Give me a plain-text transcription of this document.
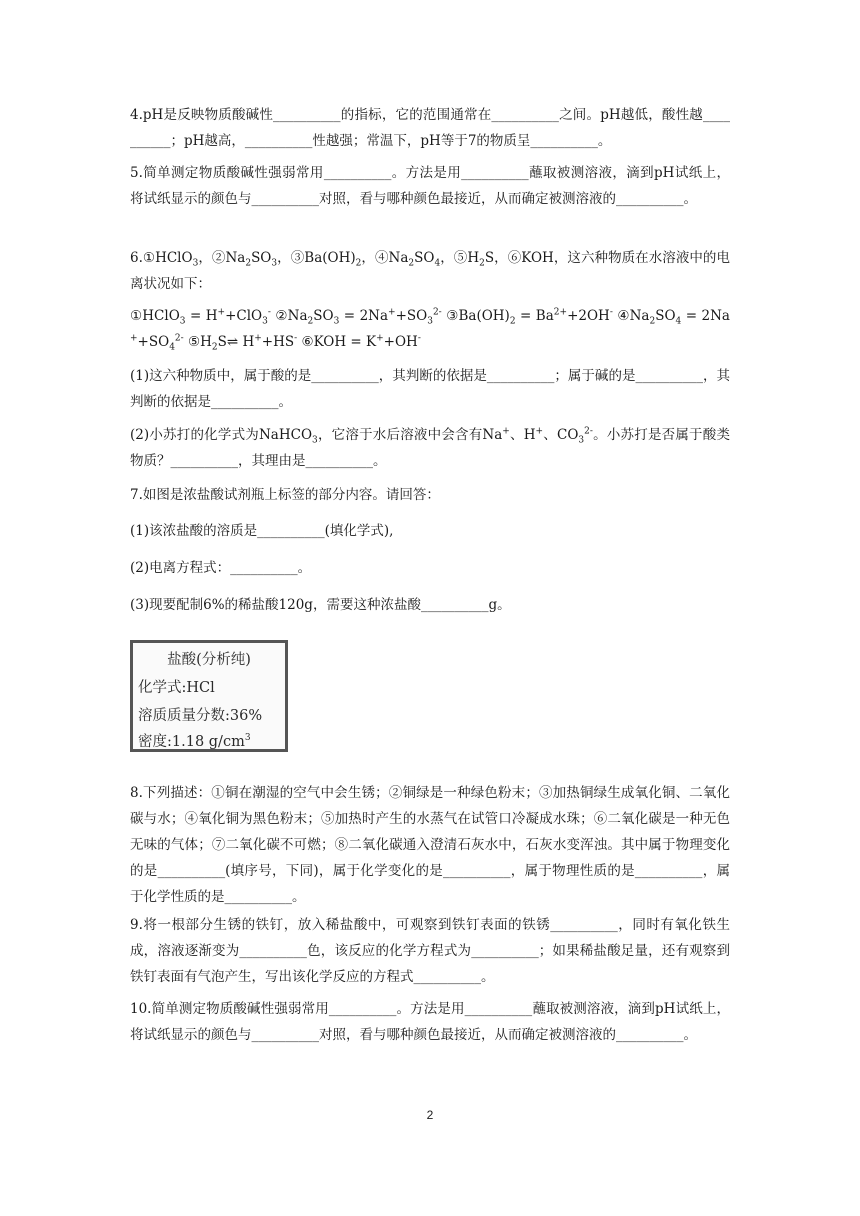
4.pH是反映物质酸碱性__________的指标，它的范围通常在__________之间。pH越低，酸性越__________；pH越高，__________性越强；常温下，pH等于7的物质呈__________。

5.简单测定物质酸碱性强弱常用__________。方法是用__________蘸取被测溶液，滴到pH试纸上，将试纸显示的颜色与__________对照，看与哪种颜色最接近，从而确定被测溶液的__________。

6.①HClO$_3$，$②Na_2SO_3$，$③Ba(OH)_2$，$④Na_2SO_4$，$⑤H_2S$，⑥KOH，这六种物质在水溶液中的电离状况如下：

①HClO$_3$ = H++ClO$_3$- $②Na_2SO_3 = 2Na^++SO_3^{2-}$ $③Ba(OH)_2 = Ba^{2+}+2OH^-$ $④Na_2SO_4 = 2Na^++SO_4^{2-}$ $⑤H_2S\rightleftharpoons$ H++HS- ⑥KOH = K++OH-

(1)这六种物质中，属于酸的是__________，其判断的依据是__________；属于碱的是__________，其判断的依据是__________。

(2)小苏打的化学式为NaHCO$_3$，它溶于水后溶液中会含有Na+、H+、$CO_3^{2-}$。小苏打是否属于酸类物质？__________，其理由是__________。

7.如图是浓盐酸试剂瓶上标签的部分内容。请回答：

(1)该浓盐酸的溶质是__________(填化学式),

(2)电离方程式：__________。

(3)现要配制6%的稀盐酸120g，需要这种浓盐酸__________g。

盐酸(分析纯)
化学式:HCl
溶质质量分数:36%
密度:1.18 $g/cm^3$

8.下列描述：①铜在潮湿的空气中会生锈；②铜绿是一种绿色粉末；③加热铜绿生成氧化铜、二氧化碳与水；④氧化铜为黑色粉末；⑤加热时产生的水蒸气在试管口冷凝成水珠；⑥二氧化碳是一种无色无味的气体；⑦二氧化碳不可燃；⑧二氧化碳通入澄清石灰水中，石灰水变浑浊。其中属于物理变化的是__________(填序号，下同)，属于化学变化的是__________，属于物理性质的是__________，属于化学性质的是__________。

9.将一根部分生锈的铁钉，放入稀盐酸中，可观察到铁钉表面的铁锈__________，同时有氧化铁生成，溶液逐渐变为__________色，该反应的化学方程式为__________；如果稀盐酸足量，还有观察到铁钉表面有气泡产生，写出该化学反应的方程式__________。

10.简单测定物质酸碱性强弱常用__________。方法是用__________蘸取被测溶液，滴到pH试纸上，将试纸显示的颜色与__________对照，看与哪种颜色最接近，从而确定被测溶液的__________。

2
